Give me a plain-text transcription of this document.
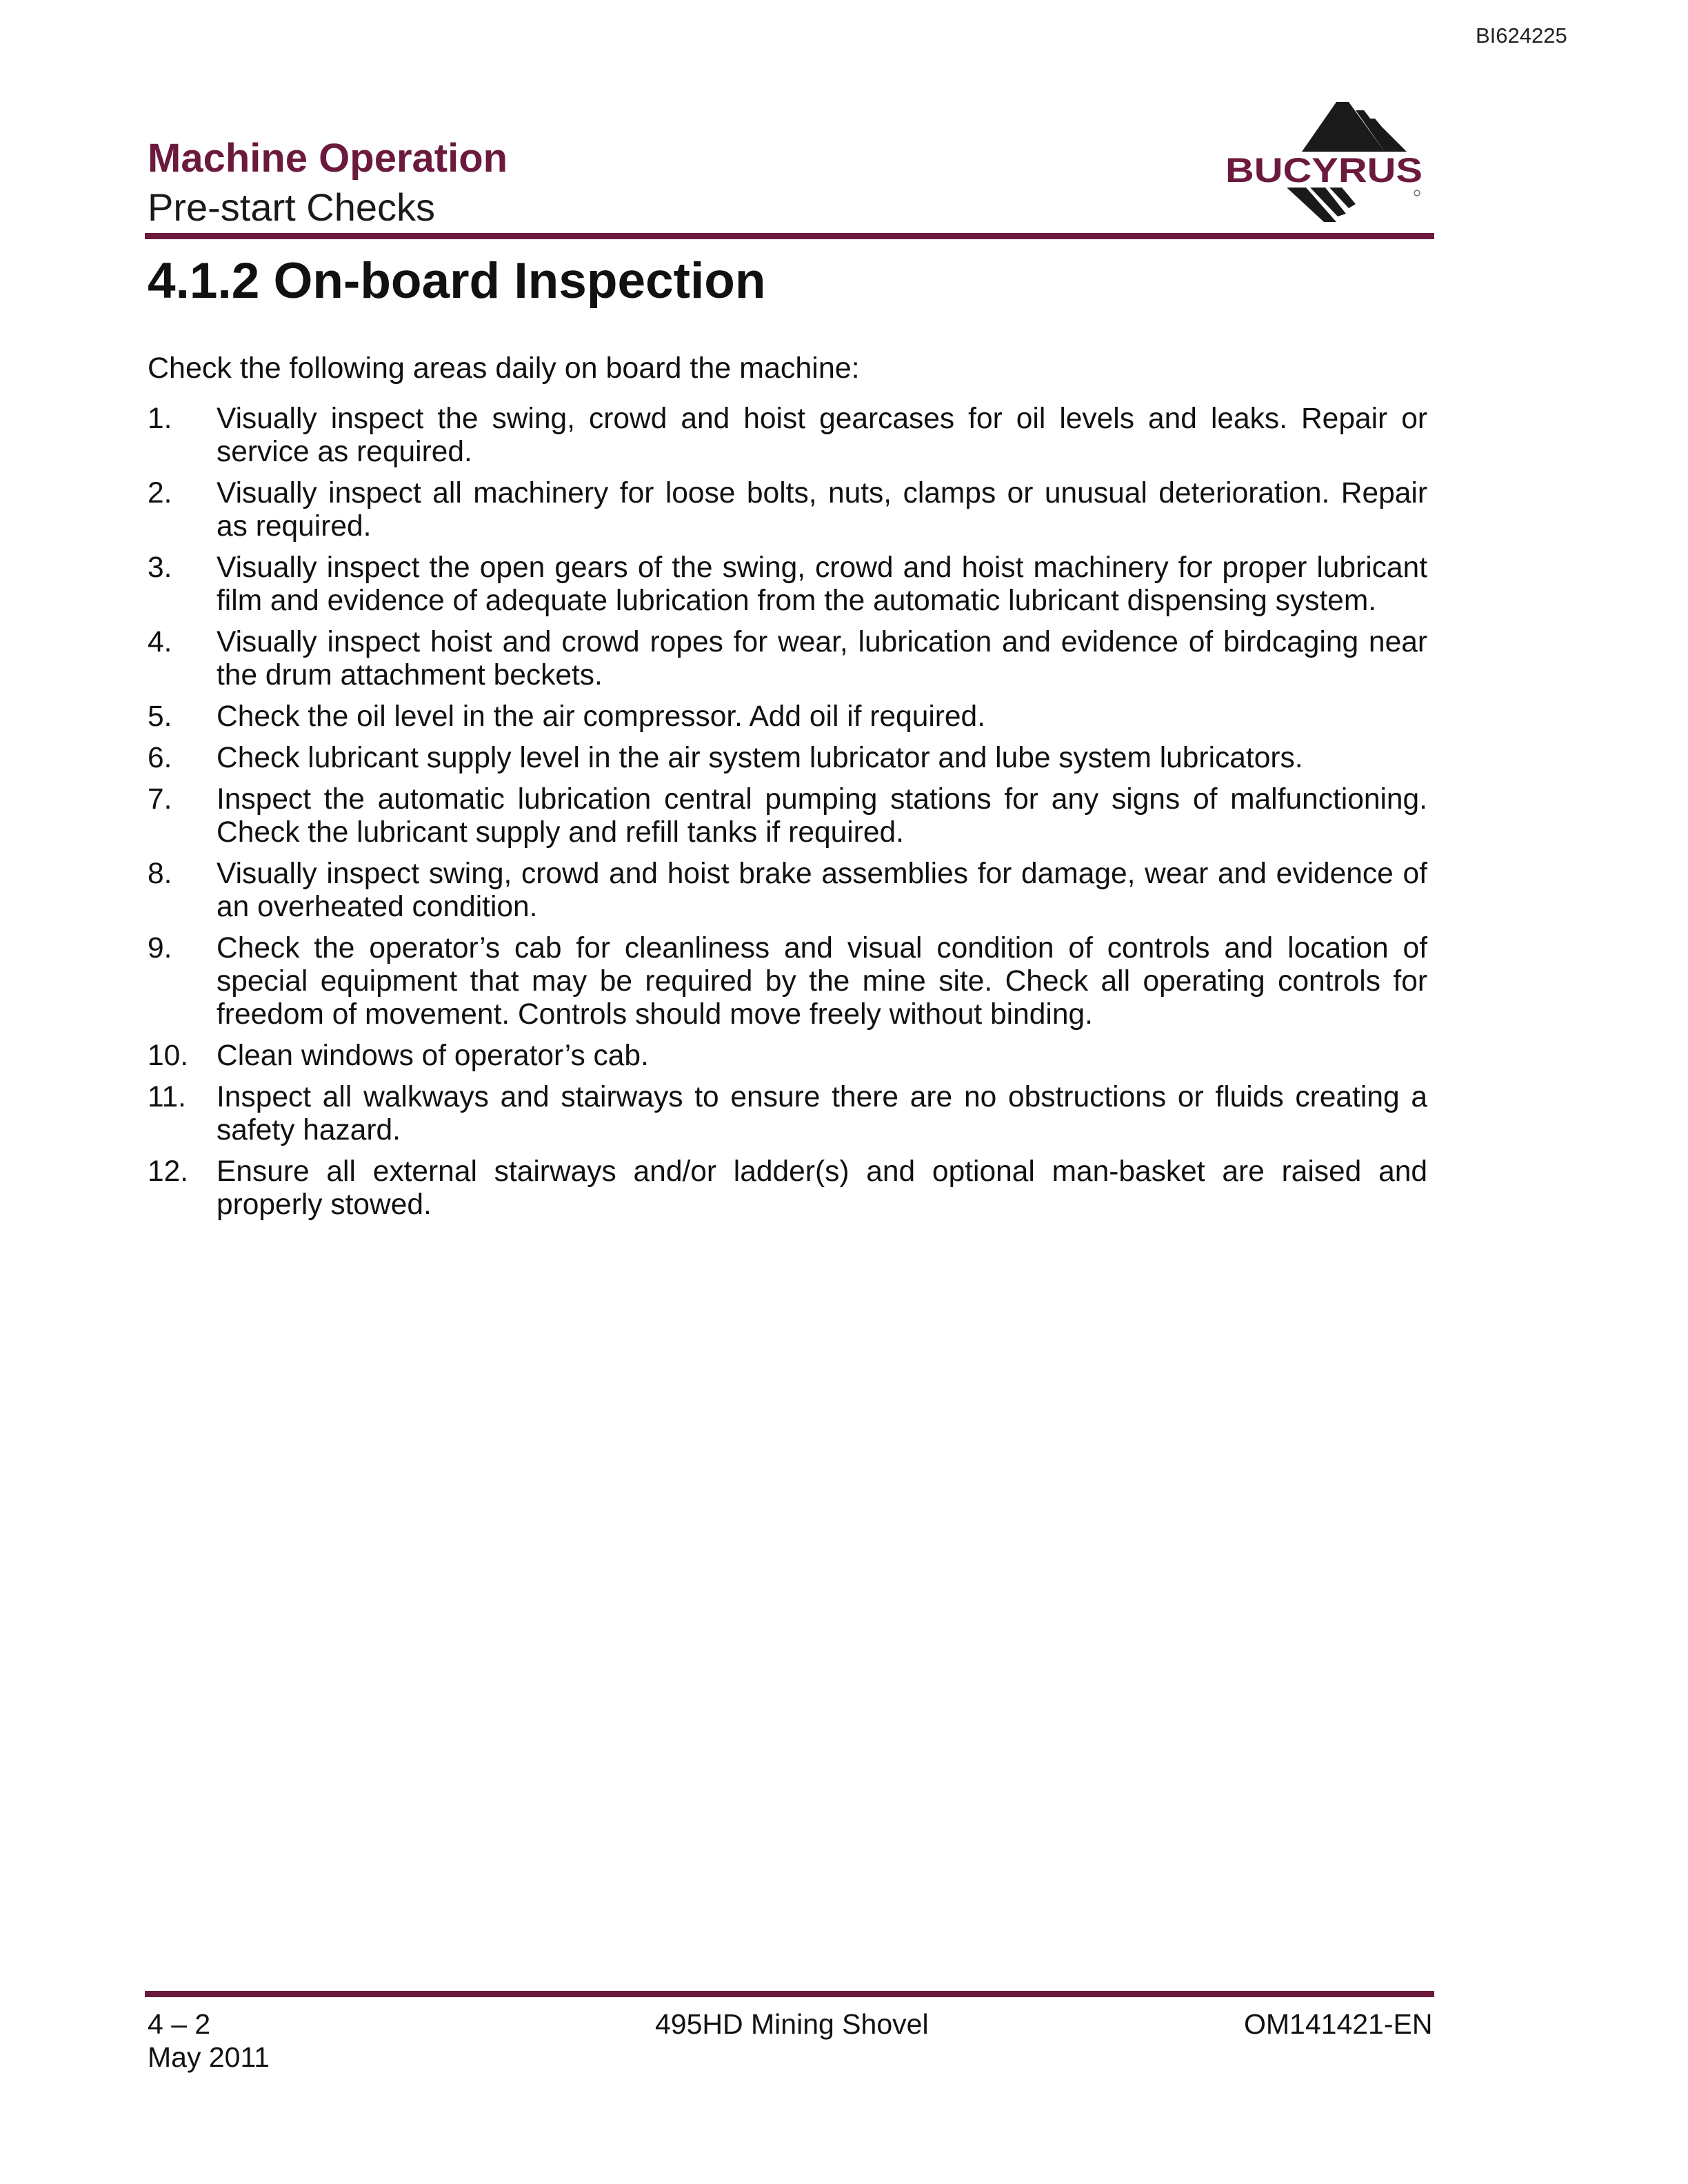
BI624225
Machine Operation
Pre-start Checks
BUCYRUS
4.1.2 On-board Inspection
Check the following areas daily on board the machine:
1. Visually inspect the swing, crowd and hoist gearcases for oil levels and leaks. Repair or service as required.
2. Visually inspect all machinery for loose bolts, nuts, clamps or unusual deterioration. Repair as required.
3. Visually inspect the open gears of the swing, crowd and hoist machinery for proper lubricant film and evidence of adequate lubrication from the automatic lubricant dispensing system.
4. Visually inspect hoist and crowd ropes for wear, lubrication and evidence of birdcaging near the drum attachment beckets.
5. Check the oil level in the air compressor. Add oil if required.
6. Check lubricant supply level in the air system lubricator and lube system lubricators.
7. Inspect the automatic lubrication central pumping stations for any signs of malfunctioning. Check the lubricant supply and refill tanks if required.
8. Visually inspect swing, crowd and hoist brake assemblies for damage, wear and evidence of an overheated condition.
9. Check the operator’s cab for cleanliness and visual condition of controls and location of special equipment that may be required by the mine site. Check all operating controls for freedom of movement. Controls should move freely without binding.
10. Clean windows of operator’s cab.
11. Inspect all walkways and stairways to ensure there are no obstructions or fluids creating a safety hazard.
12. Ensure all external stairways and/or ladder(s) and optional man-basket are raised and properly stowed.
4 – 2
May 2011
495HD Mining Shovel	OM141421-EN
